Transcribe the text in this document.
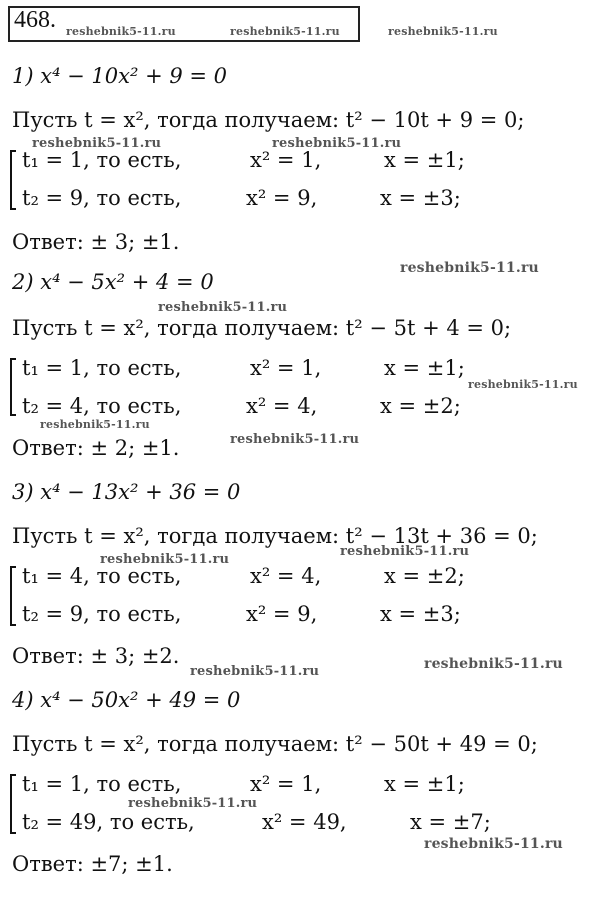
468. reshebnik5-11.ru	reshebnik5-11.ru	reshebnik5-11.ru
reshebnik5-11.ru	reshebnik5-11.ru
reshebnik5-11.ru
reshebnik5-11.ru
reshebnik5-11.ru
reshebnik5-11.ru
reshebnik5-11.ru
reshebnik5-11.ru
reshebnik5-11.ru
reshebnik5-11.ru	reshebnik5-11.ru
reshebnik5-11.ru
reshebnik5-11.ru
1) x⁴ − 10x² + 9 = 0
Пусть t = x², тогда получаем: t² − 10t + 9 = 0;
t₁ = 1, то есть,	x² = 1,	x = ±1;
t₂ = 9, то есть,	x² = 9,	x = ±3;
Ответ: ± 3; ±1.
2) x⁴ − 5x² + 4 = 0
Пусть t = x², тогда получаем: t² − 5t + 4 = 0;
t₁ = 1, то есть,	x² = 1,	x = ±1;
t₂ = 4, то есть,	x² = 4,	x = ±2;
Ответ: ± 2; ±1.
3) x⁴ − 13x² + 36 = 0
Пусть t = x², тогда получаем: t² − 13t + 36 = 0;
t₁ = 4, то есть,	x² = 4,	x = ±2;
t₂ = 9, то есть,	x² = 9,	x = ±3;
Ответ: ± 3; ±2.
4) x⁴ − 50x² + 49 = 0
Пусть t = x², тогда получаем: t² − 50t + 49 = 0;
t₁ = 1, то есть,	x² = 1,	x = ±1;
t₂ = 49, то есть,	x² = 49,	x = ±7;
Ответ: ±7; ±1.
